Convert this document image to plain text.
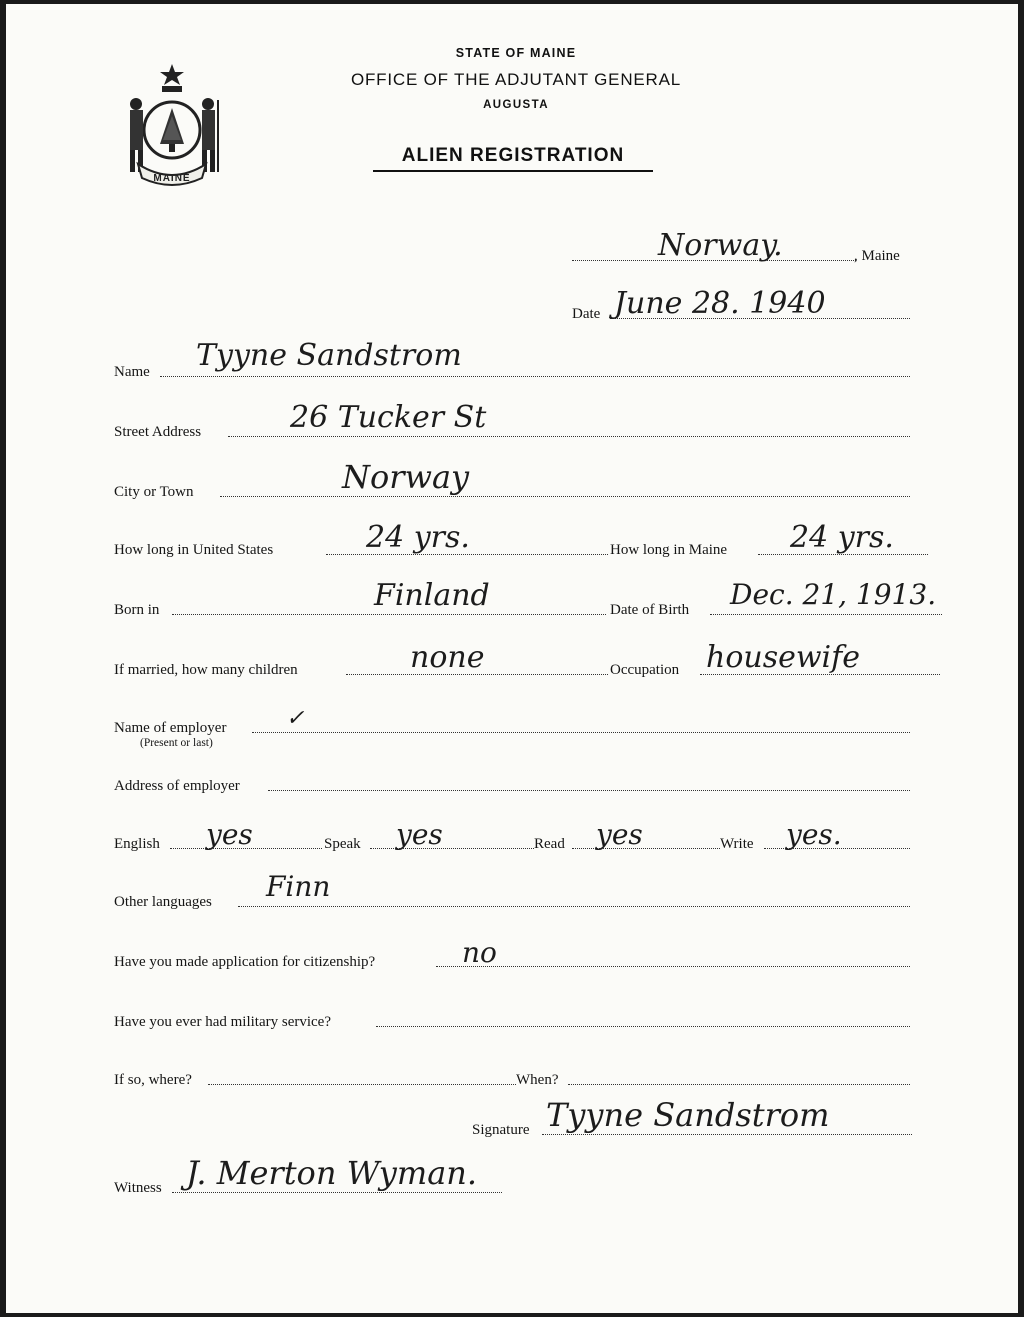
MAINE
STATE OF MAINE
OFFICE OF THE ADJUTANT GENERAL
AUGUSTA
ALIEN REGISTRATION
Norway.	, Maine
Date June 28. 1940
Name Tyyne Sandstrom
Street Address	26 Tucker St
City or Town	Norway
How long in United States	24 yrs.	How long in Maine 24 yrs.
Born in	Finland	Date of Birth Dec. 21, 1913.
If married, how many children	none	Occupation housewife
Name of employer
(Present or last)
✓
Address of employer
English yes	Speak yes	Read yes	Write yes.
Other languages Finn
Have you made application for citizenship?	no
Have you ever had military service?
If so, where?	When?
Signature Tyyne Sandstrom
Witness J. Merton Wyman.
